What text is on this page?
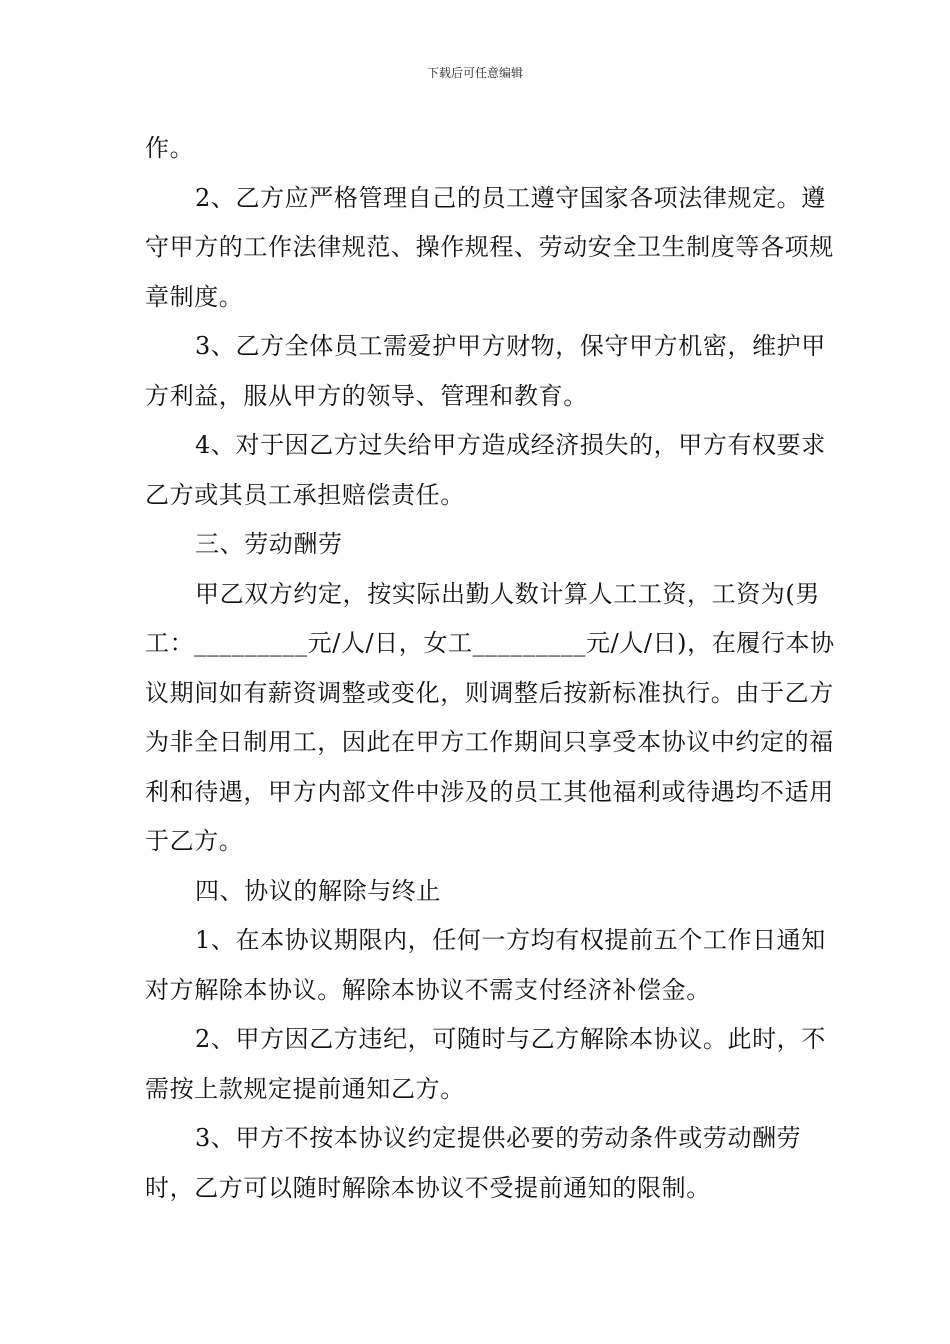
下载后可任意编辑

作。

2、乙方应严格管理自己的员工遵守国家各项法律规定。遵守甲方的工作法律规范、操作规程、劳动安全卫生制度等各项规章制度。

3、乙方全体员工需爱护甲方财物，保守甲方机密，维护甲方利益，服从甲方的领导、管理和教育。

4、对于因乙方过失给甲方造成经济损失的，甲方有权要求乙方或其员工承担赔偿责任。

三、劳动酬劳

甲乙双方约定，按实际出勤人数计算人工工资，工资为(男工：_________元/人/日，女工_________元/人/日)，在履行本协议期间如有薪资调整或变化，则调整后按新标准执行。由于乙方为非全日制用工，因此在甲方工作期间只享受本协议中约定的福利和待遇，甲方内部文件中涉及的员工其他福利或待遇均不适用于乙方。

四、协议的解除与终止

1、在本协议期限内，任何一方均有权提前五个工作日通知对方解除本协议。解除本协议不需支付经济补偿金。

2、甲方因乙方违纪，可随时与乙方解除本协议。此时，不需按上款规定提前通知乙方。

3、甲方不按本协议约定提供必要的劳动条件或劳动酬劳时，乙方可以随时解除本协议不受提前通知的限制。
